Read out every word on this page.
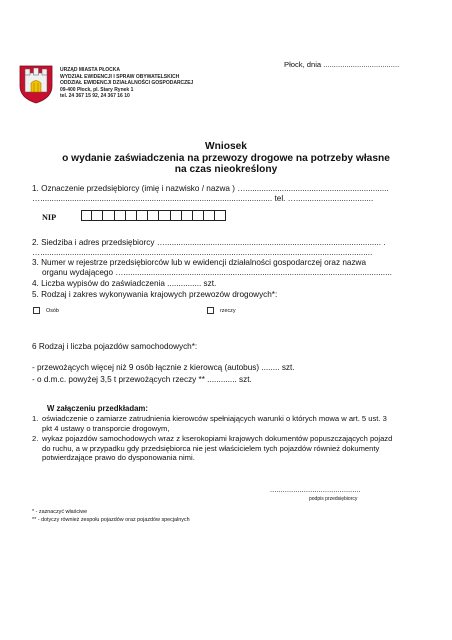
Płock, dnia ....................................
URZĄD MIASTA PŁOCKA
WYDZIAŁ EWIDENCJI I SPRAW OBYWATELSKICH
ODDZIAŁ EWIDENCJI DZIAŁALNOŚCI GOSPODARCZEJ
09-400 Płock, pl. Stary Rynek 1
tel. 24 367 15 92, 24 367 16 10
Wniosek
o wydanie zaświadczenia na przewozy drogowe na potrzeby własne
na czas nieokreślony
1. Oznaczenie przedsiębiorcy (imię i nazwisko / nazwa ) …...............................................................
…...................................................................................................... tel. …..................................
NIP
2. Siedziba i adres przedsiębiorcy …............................................................................................... .
…..................................................................................................................................................
3. Numer w rejestrze przedsiębiorców lub w ewidencji działalności gospodarczej oraz nazwa
organu wydającego …......................................................................................................................
4. Liczba wypisów do zaświadczenia ............... szt.
5. Rodzaj i zakres wykonywania krajowych przewozów drogowych*:
Osób	rzeczy
6 Rodzaj i liczba pojazdów samochodowych*:
- przewożących więcej niż 9 osób łącznie z kierowcą (autobus) ........ szt.
- o d.m.c. powyżej 3,5 t przewożących rzeczy ** ............. szt.
W załączeniu przedkładam:
1. oświadczenie o zamiarze zatrudnienia kierowców spełniających warunki o których mowa w art. 5 ust. 3
pkt 4 ustawy o transporcie drogowym,
2. wykaz pojazdów samochodowych wraz z kserokopiami krajowych dokumentów popuszczających pojazd
do ruchu, a w przypadku gdy przedsiębiorca nie jest właścicielem tych pojazdów również dokumenty
potwierdzające prawo do dysponowania nimi.
...........................................
podpis przedsiębiorcy
* - zaznaczyć właściwe
** - dotyczy również zespołu pojazdów oraz pojazdów specjalnych
